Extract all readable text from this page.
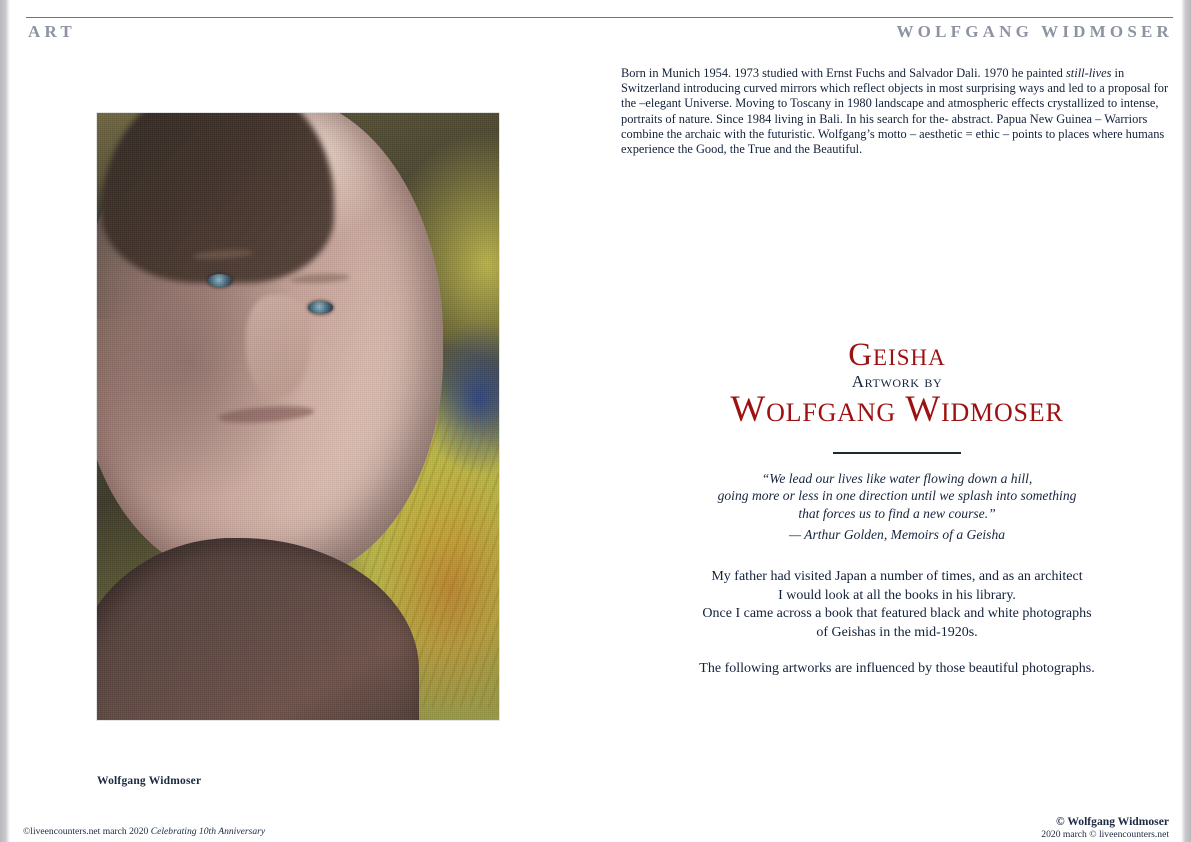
ART	WOLFGANG WIDMOSER
Born in Munich 1954. 1973 studied with Ernst Fuchs and Salvador Dali. 1970 he painted still-lives in Switzerland introducing curved mirrors which reflect objects in most surprising ways and led to a proposal for the –elegant Universe. Moving to Toscany in 1980 landscape and atmospheric effects crystallized to intense, portraits of nature. Since 1984 living in Bali. In his search for the- abstract. Papua New Guinea – Warriors combine the archaic with the futuristic. Wolfgang’s motto – aesthetic = ethic – points to places where humans experience the Good, the True and the Beautiful.
Wolfgang Widmoser
Geisha
Artwork by
Wolfgang Widmoser
“We lead our lives like water flowing down a hill,
going more or less in one direction until we splash into something
that forces us to find a new course.”
— Arthur Golden, Memoirs of a Geisha
My father had visited Japan a number of times, and as an architect
I would look at all the books in his library.
Once I came across a book that featured black and white photographs
of Geishas in the mid-1920s.
The following artworks are influenced by those beautiful photographs.
©liveencounters.net march 2020 Celebrating 10th Anniversary
© Wolfgang Widmoser
2020 march © liveencounters.net
